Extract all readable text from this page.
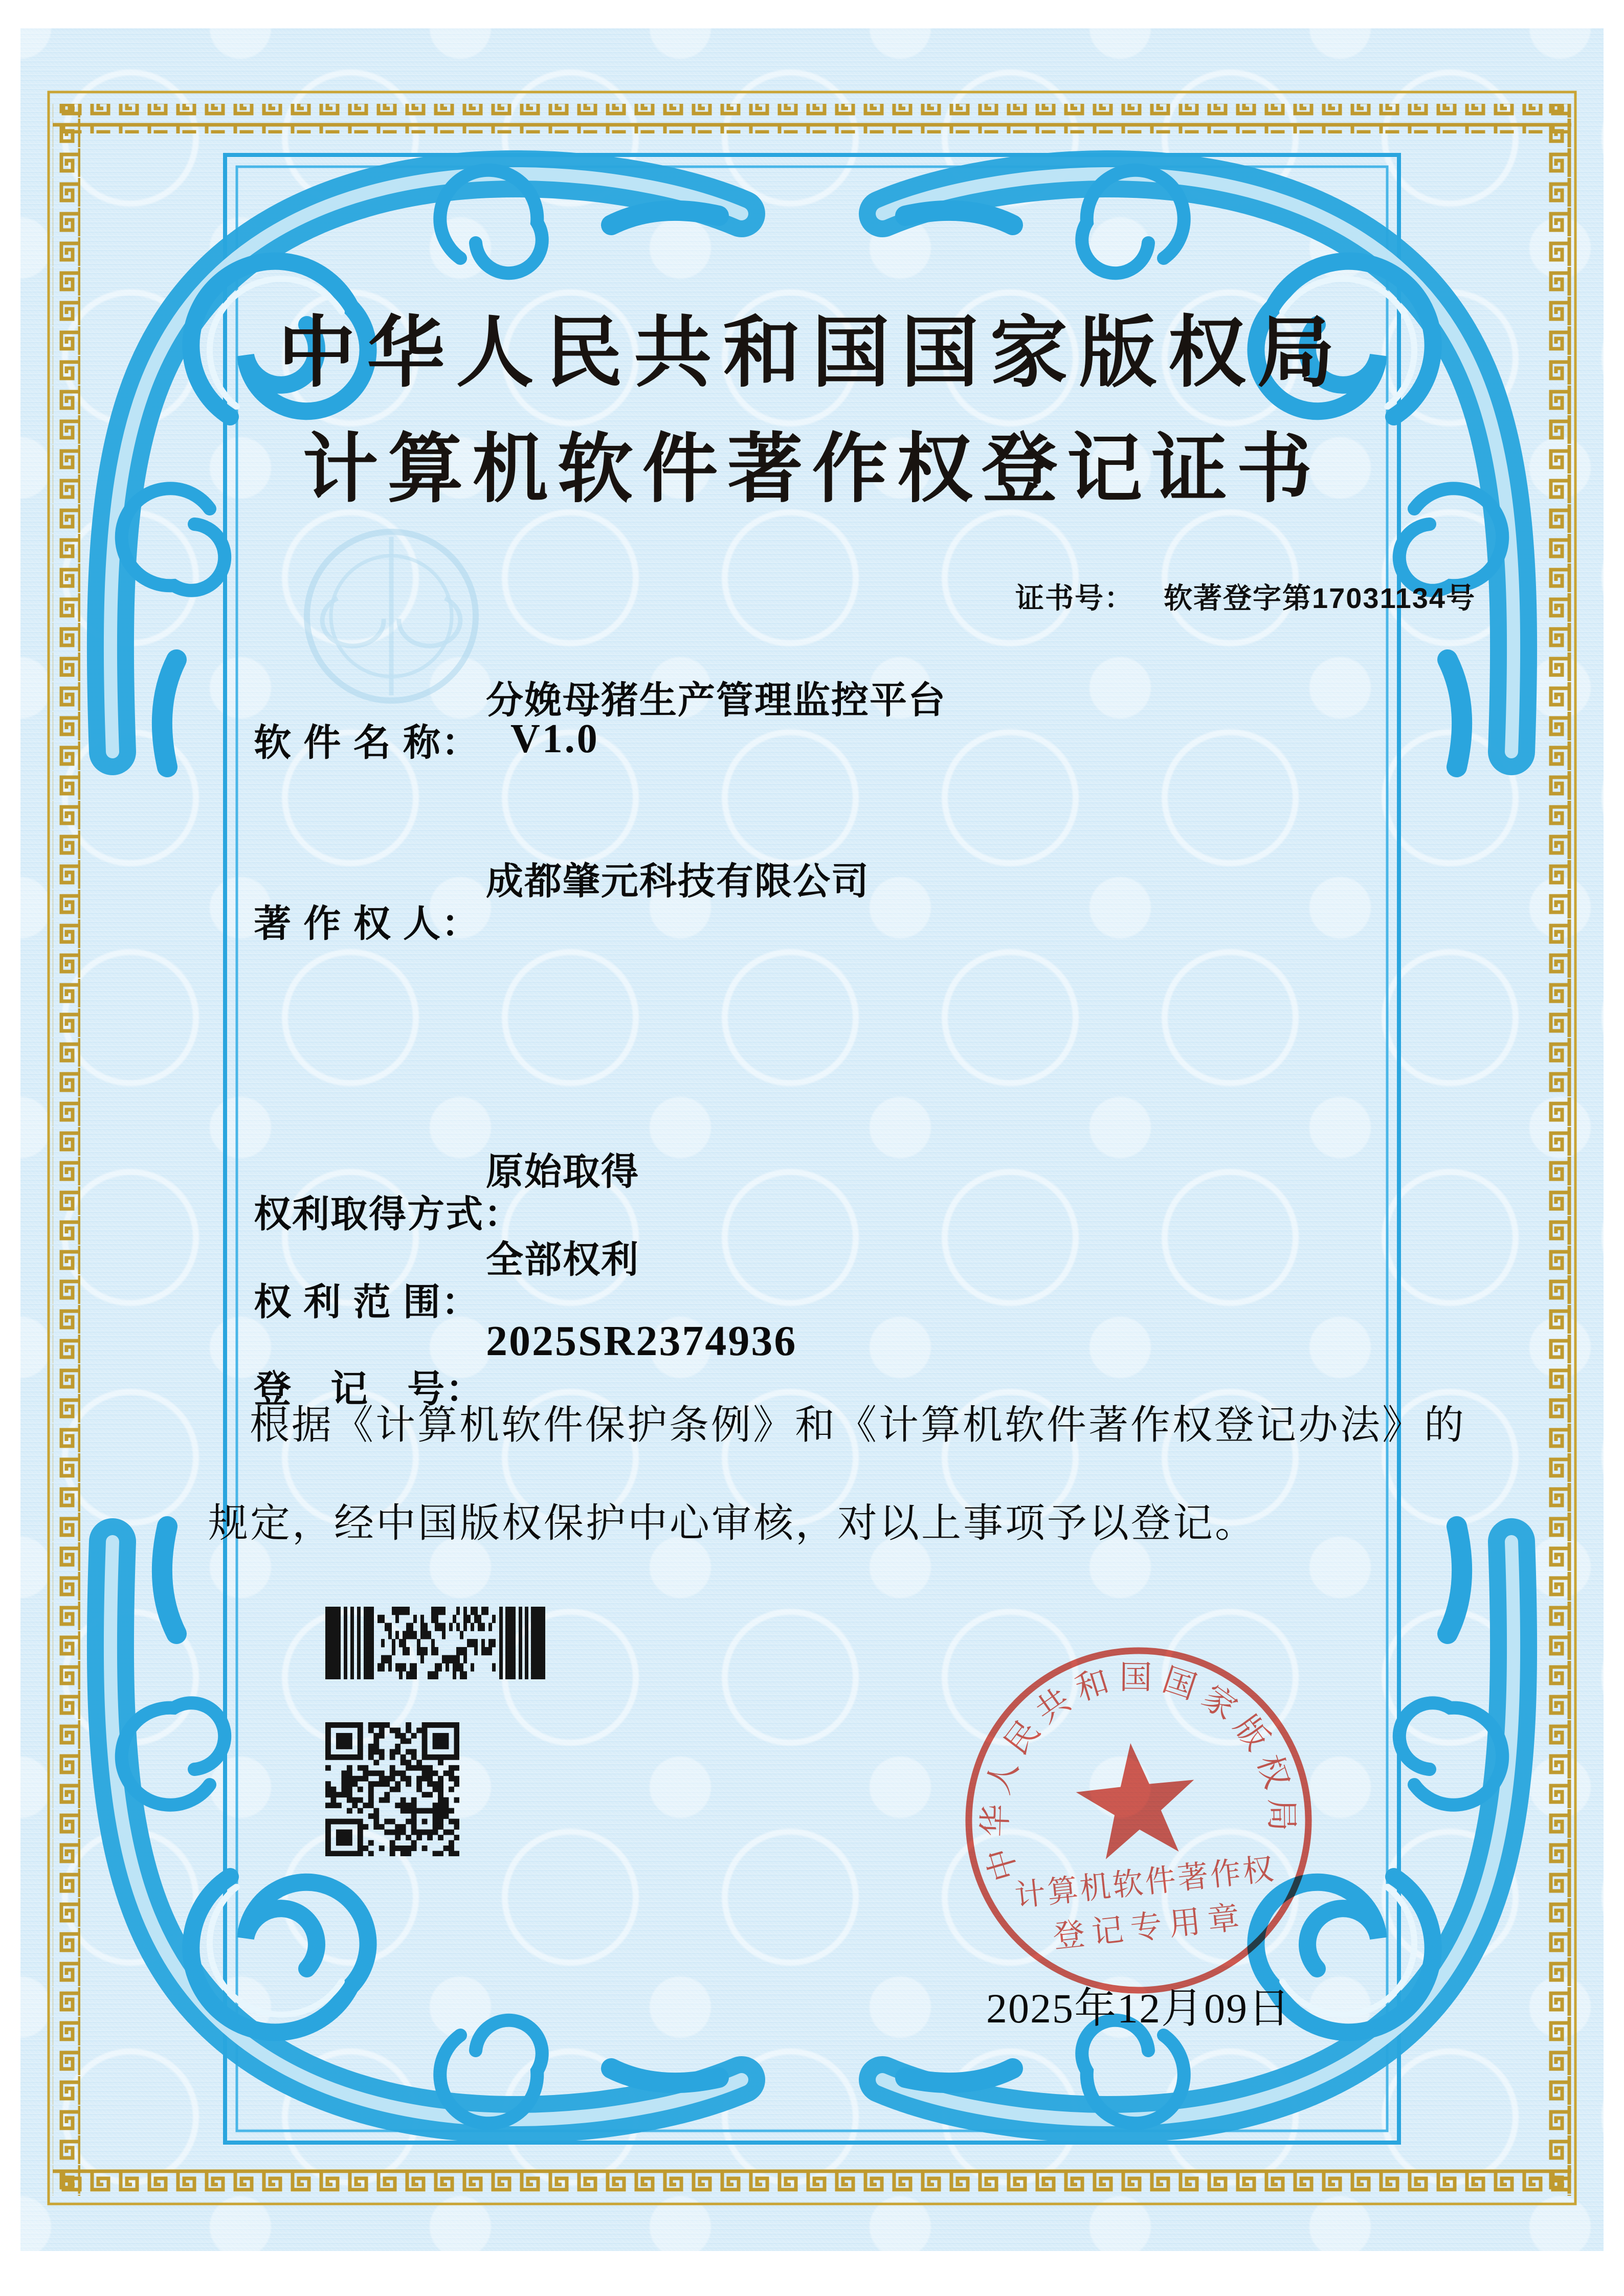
中华人民共和国国家版权局
计算机软件著作权登记证书
证书号： 软著登字第17031134号

软 件 名 称：

分娩母猪生产管理监控平台

V1.0

著 作 权 人：

成都肇元科技有限公司

权利取得方式：

原始取得

权 利 范 围：

全部权利

登　记　号：

2025SR2374936

根据《计算机软件保护条例》和《计算机软件著作权登记办法》的
规定，经中国版权保护中心审核，对以上事项予以登记。
2025年12月09日
中华人民共和国国家版权局
计算机软件著作权
登记专用章
